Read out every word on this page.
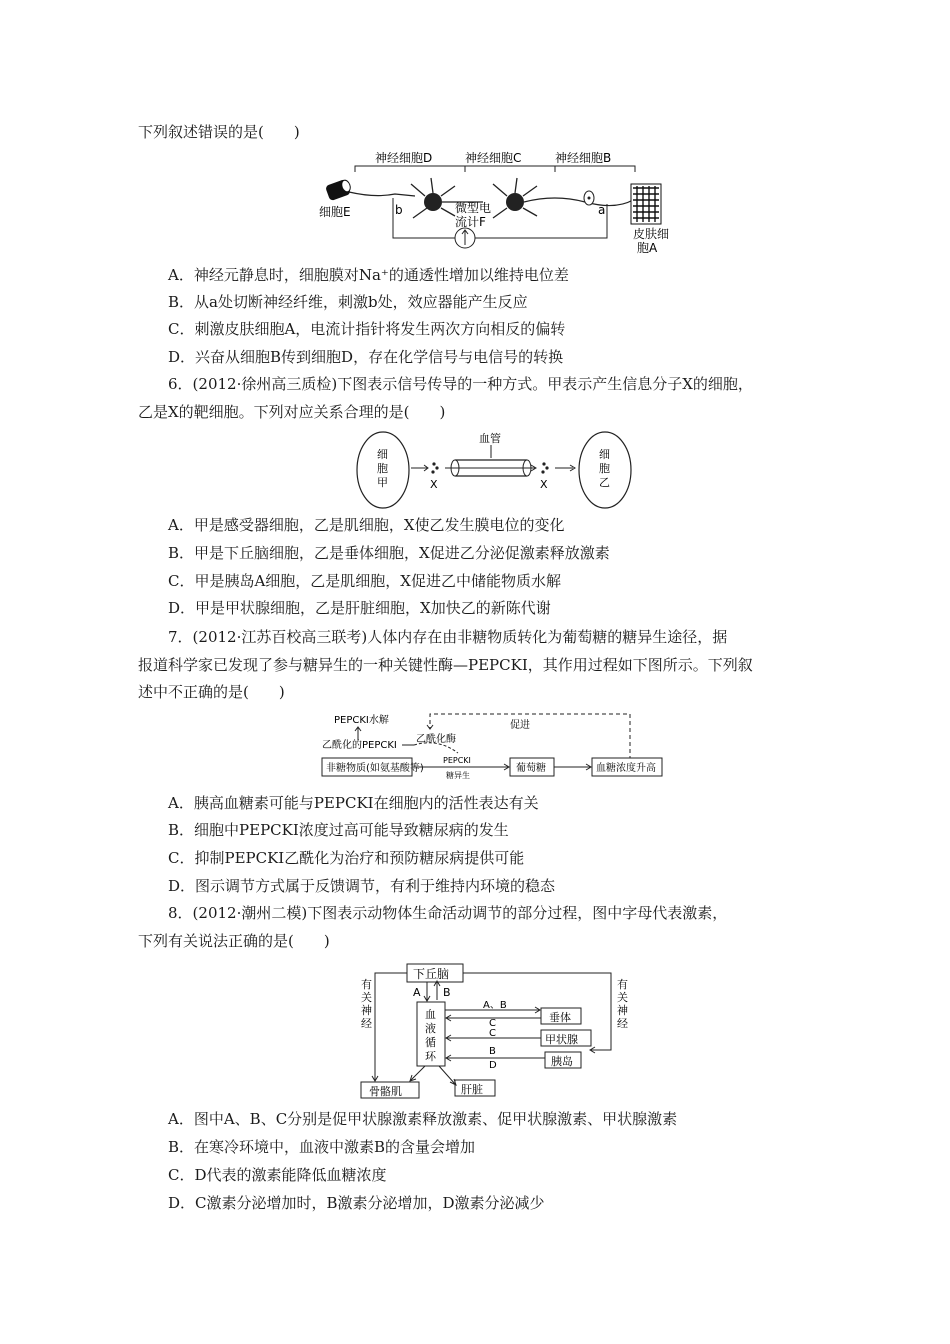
下列叙述错误的是(　　)
神经细胞D	神经细胞C	神经细胞B
细胞E
皮肤细
胞A
b	a
微型电
流计F
A．神经元静息时，细胞膜对Na⁺的通透性增加以维持电位差
B．从a处切断神经纤维，刺激b处，效应器能产生反应
C．刺激皮肤细胞A，电流计指针将发生两次方向相反的偏转
D．兴奋从细胞B传到细胞D，存在化学信号与电信号的转换
6．(2012·徐州高三质检)下图表示信号传导的一种方式。甲表示产生信息分子X的细胞，
乙是X的靶细胞。下列对应关系合理的是(　　)
细
胞
甲
细
胞
乙
血管
X	X
A．甲是感受器细胞，乙是肌细胞，X使乙发生膜电位的变化
B．甲是下丘脑细胞，乙是垂体细胞，X促进乙分泌促激素释放激素
C．甲是胰岛A细胞，乙是肌细胞，X促进乙中储能物质水解
D．甲是甲状腺细胞，乙是肝脏细胞，X加快乙的新陈代谢
7．(2012·江苏百校高三联考)人体内存在由非糖物质转化为葡萄糖的糖异生途径，据
报道科学家已发现了参与糖异生的一种关键性酶—PEPCKI，其作用过程如下图所示。下列叙
述中不正确的是(　　)
PEPCKI水解
乙酰化的PEPCKI
乙酰化酶
促进
非糖物质(如氨基酸等)
PEPCKI
糖异生
葡萄糖	血糖浓度升高
A．胰高血糖素可能与PEPCKI在细胞内的活性表达有关
B．细胞中PEPCKI浓度过高可能导致糖尿病的发生
C．抑制PEPCKI乙酰化为治疗和预防糖尿病提供可能
D．图示调节方式属于反馈调节，有利于维持内环境的稳态
8．(2012·潮州二模)下图表示动物体生命活动调节的部分过程，图中字母代表激素，
下列有关说法正确的是(　　)
下丘脑
有
关
神
经
有
关
神
经
A B
血
液
循
环
垂体
A、B
C
甲状腺
C
胰岛
B
D
骨骼肌	肝脏
A．图中A、B、C分别是促甲状腺激素释放激素、促甲状腺激素、甲状腺激素
B．在寒冷环境中，血液中激素B的含量会增加
C．D代表的激素能降低血糖浓度
D．C激素分泌增加时，B激素分泌增加，D激素分泌减少
